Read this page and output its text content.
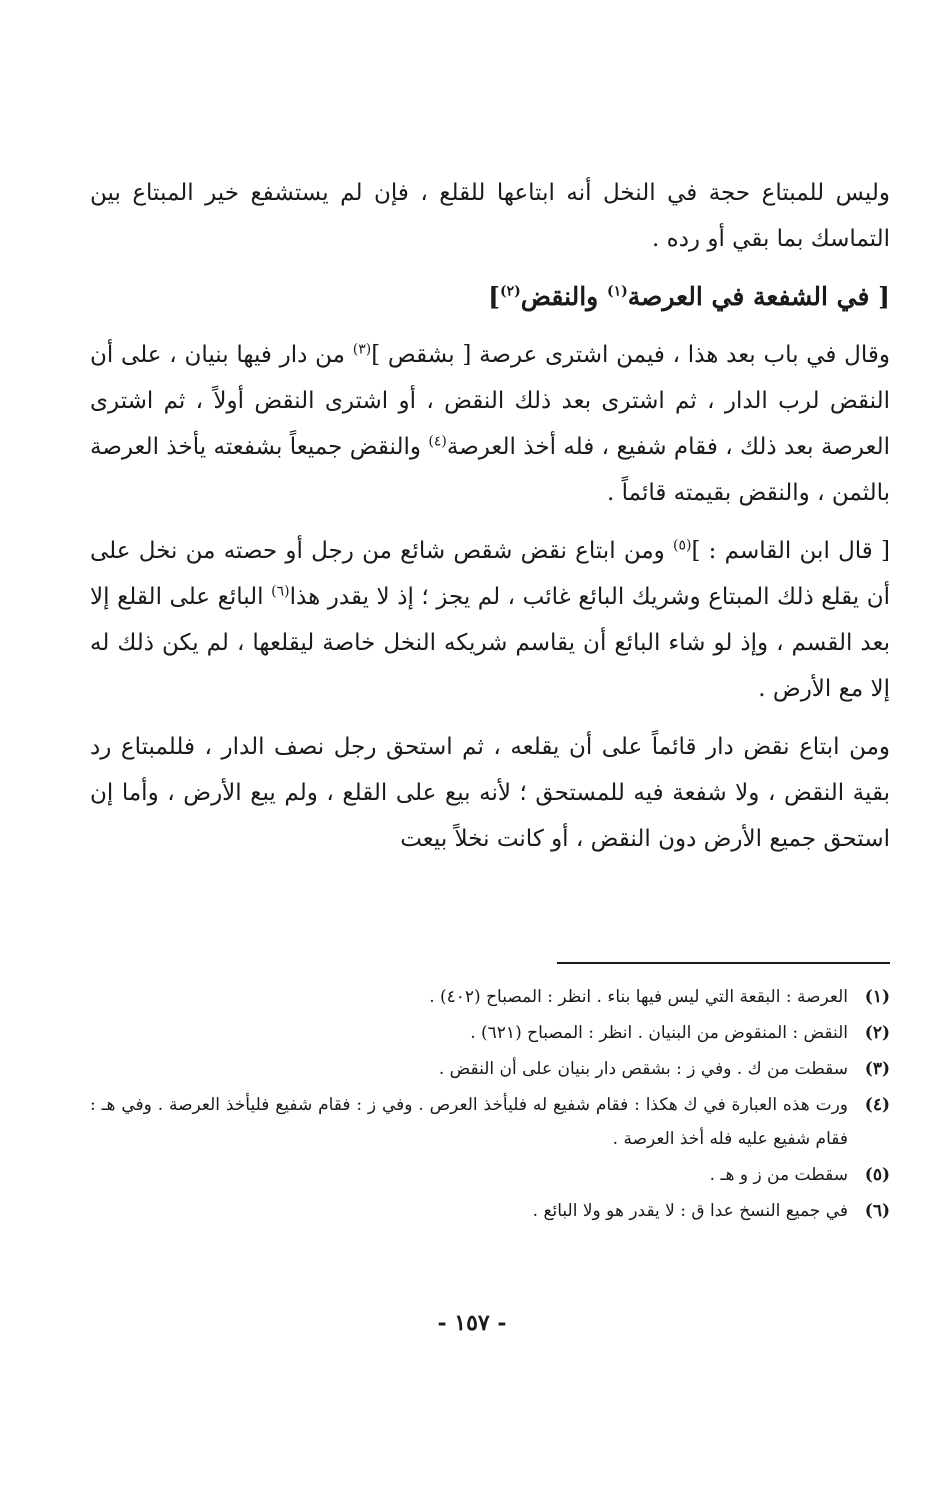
وليس للمبتاع حجة في النخل أنه ابتاعها للقلع ، فإن لم يستشفع خير المبتاع بين التماسك بما بقي أو رده .

[ في الشفعة في العرصة$^{(١)}$ والنقض$^{(٢)}$]

وقال في باب بعد هذا ، فيمن اشترى عرصة [ بشقص ]$^{(٣)}$ من دار فيها بنيان ، على أن النقض لرب الدار ، ثم اشترى بعد ذلك النقض ، أو اشترى النقض أولاً ، ثم اشترى العرصة بعد ذلك ، فقام شفيع ، فله أخذ العرصة$^{(٤)}$ والنقض جميعاً بشفعته يأخذ العرصة بالثمن ، والنقض بقيمته قائماً .

[ قال ابن القاسم : ]$^{(٥)}$ ومن ابتاع نقض شقص شائع من رجل أو حصته من نخل على أن يقلع ذلك المبتاع وشريك البائع غائب ، لم يجز ؛ إذ لا يقدر هذا$^{(٦)}$ البائع على القلع إلا بعد القسم ، وإذ لو شاء البائع أن يقاسم شريكه النخل خاصة ليقلعها ، لم يكن ذلك له إلا مع الأرض .

ومن ابتاع نقض دار قائماً على أن يقلعه ، ثم استحق رجل نصف الدار ، فللمبتاع رد بقية النقض ، ولا شفعة فيه للمستحق ؛ لأنه بيع على القلع ، ولم يبع الأرض ، وأما إن استحق جميع الأرض دون النقض ، أو كانت نخلاً بيعت

(١)
العرصة : البقعة التي ليس فيها بناء . انظر : المصباح (٤٠٢) .
(٢)
النقض : المنقوض من البنيان . انظر : المصباح (٦٢١) .
(٣)
سقطت من ك . وفي ز : بشقص دار بنيان على أن النقض .
(٤)
ورت هذه العبارة في ك هكذا : فقام شفيع له فليأخذ العرص . وفي ز : فقام شفيع فليأخذ العرصة . وفي هـ : فقام شفيع عليه فله أخذ العرصة .
(٥)
سقطت من ز و هـ .
(٦)
في جميع النسخ عدا ق : لا يقدر هو ولا البائع .
- ١٥٧ -
